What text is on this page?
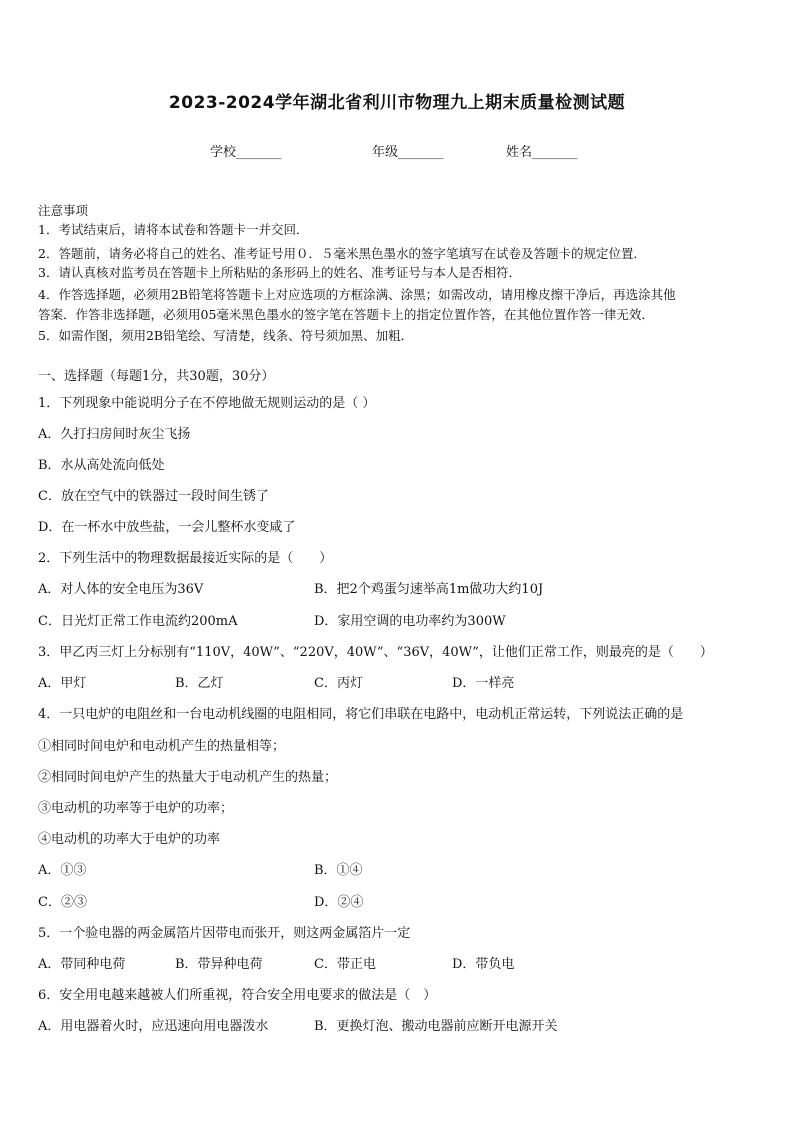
2023-2024学年湖北省利川市物理九上期末质量检测试题
学校_______	年级_______	姓名_______
注意事项
1．考试结束后，请将本试卷和答题卡一并交回．
2．答题前，请务必将自己的姓名、准考证号用０．５毫米黑色墨水的签字笔填写在试卷及答题卡的规定位置．
3．请认真核对监考员在答题卡上所粘贴的条形码上的姓名、准考证号与本人是否相符．
4．作答选择题，必须用2B铅笔将答题卡上对应选项的方框涂满、涂黑；如需改动，请用橡皮擦干净后，再选涂其他
答案．作答非选择题，必须用05毫米黑色墨水的签字笔在答题卡上的指定位置作答，在其他位置作答一律无效．
5．如需作图，须用2B铅笔绘、写清楚，线条、符号须加黑、加粗．
一、选择题（每题1分，共30题，30分）
1．下列现象中能说明分子在不停地做无规则运动的是（ ）
A．久打扫房间时灰尘飞扬
B．水从高处流向低处
C．放在空气中的铁器过一段时间生锈了
D．在一杯水中放些盐，一会儿整杯水变咸了
2．下列生活中的物理数据最接近实际的是（　　）
A．对人体的安全电压为36V	B．把2个鸡蛋匀速举高1m做功大约10J
C．日光灯正常工作电流约200mA	D．家用空调的电功率约为300W
3．甲乙丙三灯上分标别有“110V，40W”、“220V，40W”、“36V，40W”，让他们正常工作，则最亮的是（　　）
A．甲灯	B．乙灯	C．丙灯	D．一样亮
4．一只电炉的电阻丝和一台电动机线圈的电阻相同，将它们串联在电路中，电动机正常运转，下列说法正确的是
①相同时间电炉和电动机产生的热量相等；
②相同时间电炉产生的热量大于电动机产生的热量；
③电动机的功率等于电炉的功率；
④电动机的功率大于电炉的功率
A．①③	B．①④
C．②③	D．②④
5．一个验电器的两金属箔片因带电而张开，则这两金属箔片一定
A．带同种电荷	B．带异种电荷	C．带正电	D．带负电
6．安全用电越来越被人们所重视，符合安全用电要求的做法是（　）
A．用电器着火时，应迅速向用电器泼水	B．更换灯泡、搬动电器前应断开电源开关
